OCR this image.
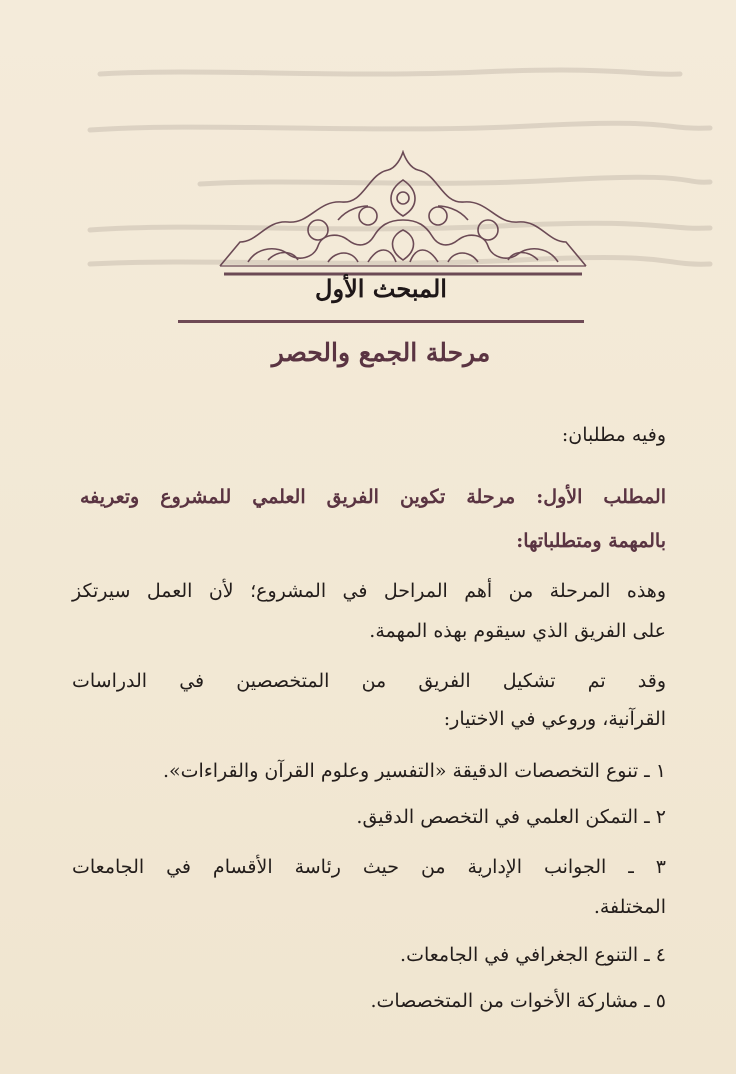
المبحث الأول
مرحلة الجمع والحصر
وفيه مطلبان:
المطلب الأول: مرحلة تكوين الفريق العلمي للمشروع وتعريفه
بالمهمة ومتطلباتها:
وهذه المرحلة من أهم المراحل في المشروع؛ لأن العمل سيرتكز
على الفريق الذي سيقوم بهذه المهمة.
وقد تم تشكيل الفريق من المتخصصين في الدراسات
القرآنية، وروعي في الاختيار:
١ ـ تنوع التخصصات الدقيقة «التفسير وعلوم القرآن والقراءات».
٢ ـ التمكن العلمي في التخصص الدقيق.
٣ ـ الجوانب الإدارية من حيث رئاسة الأقسام في الجامعات
المختلفة.
٤ ـ التنوع الجغرافي في الجامعات.
٥ ـ مشاركة الأخوات من المتخصصات.
